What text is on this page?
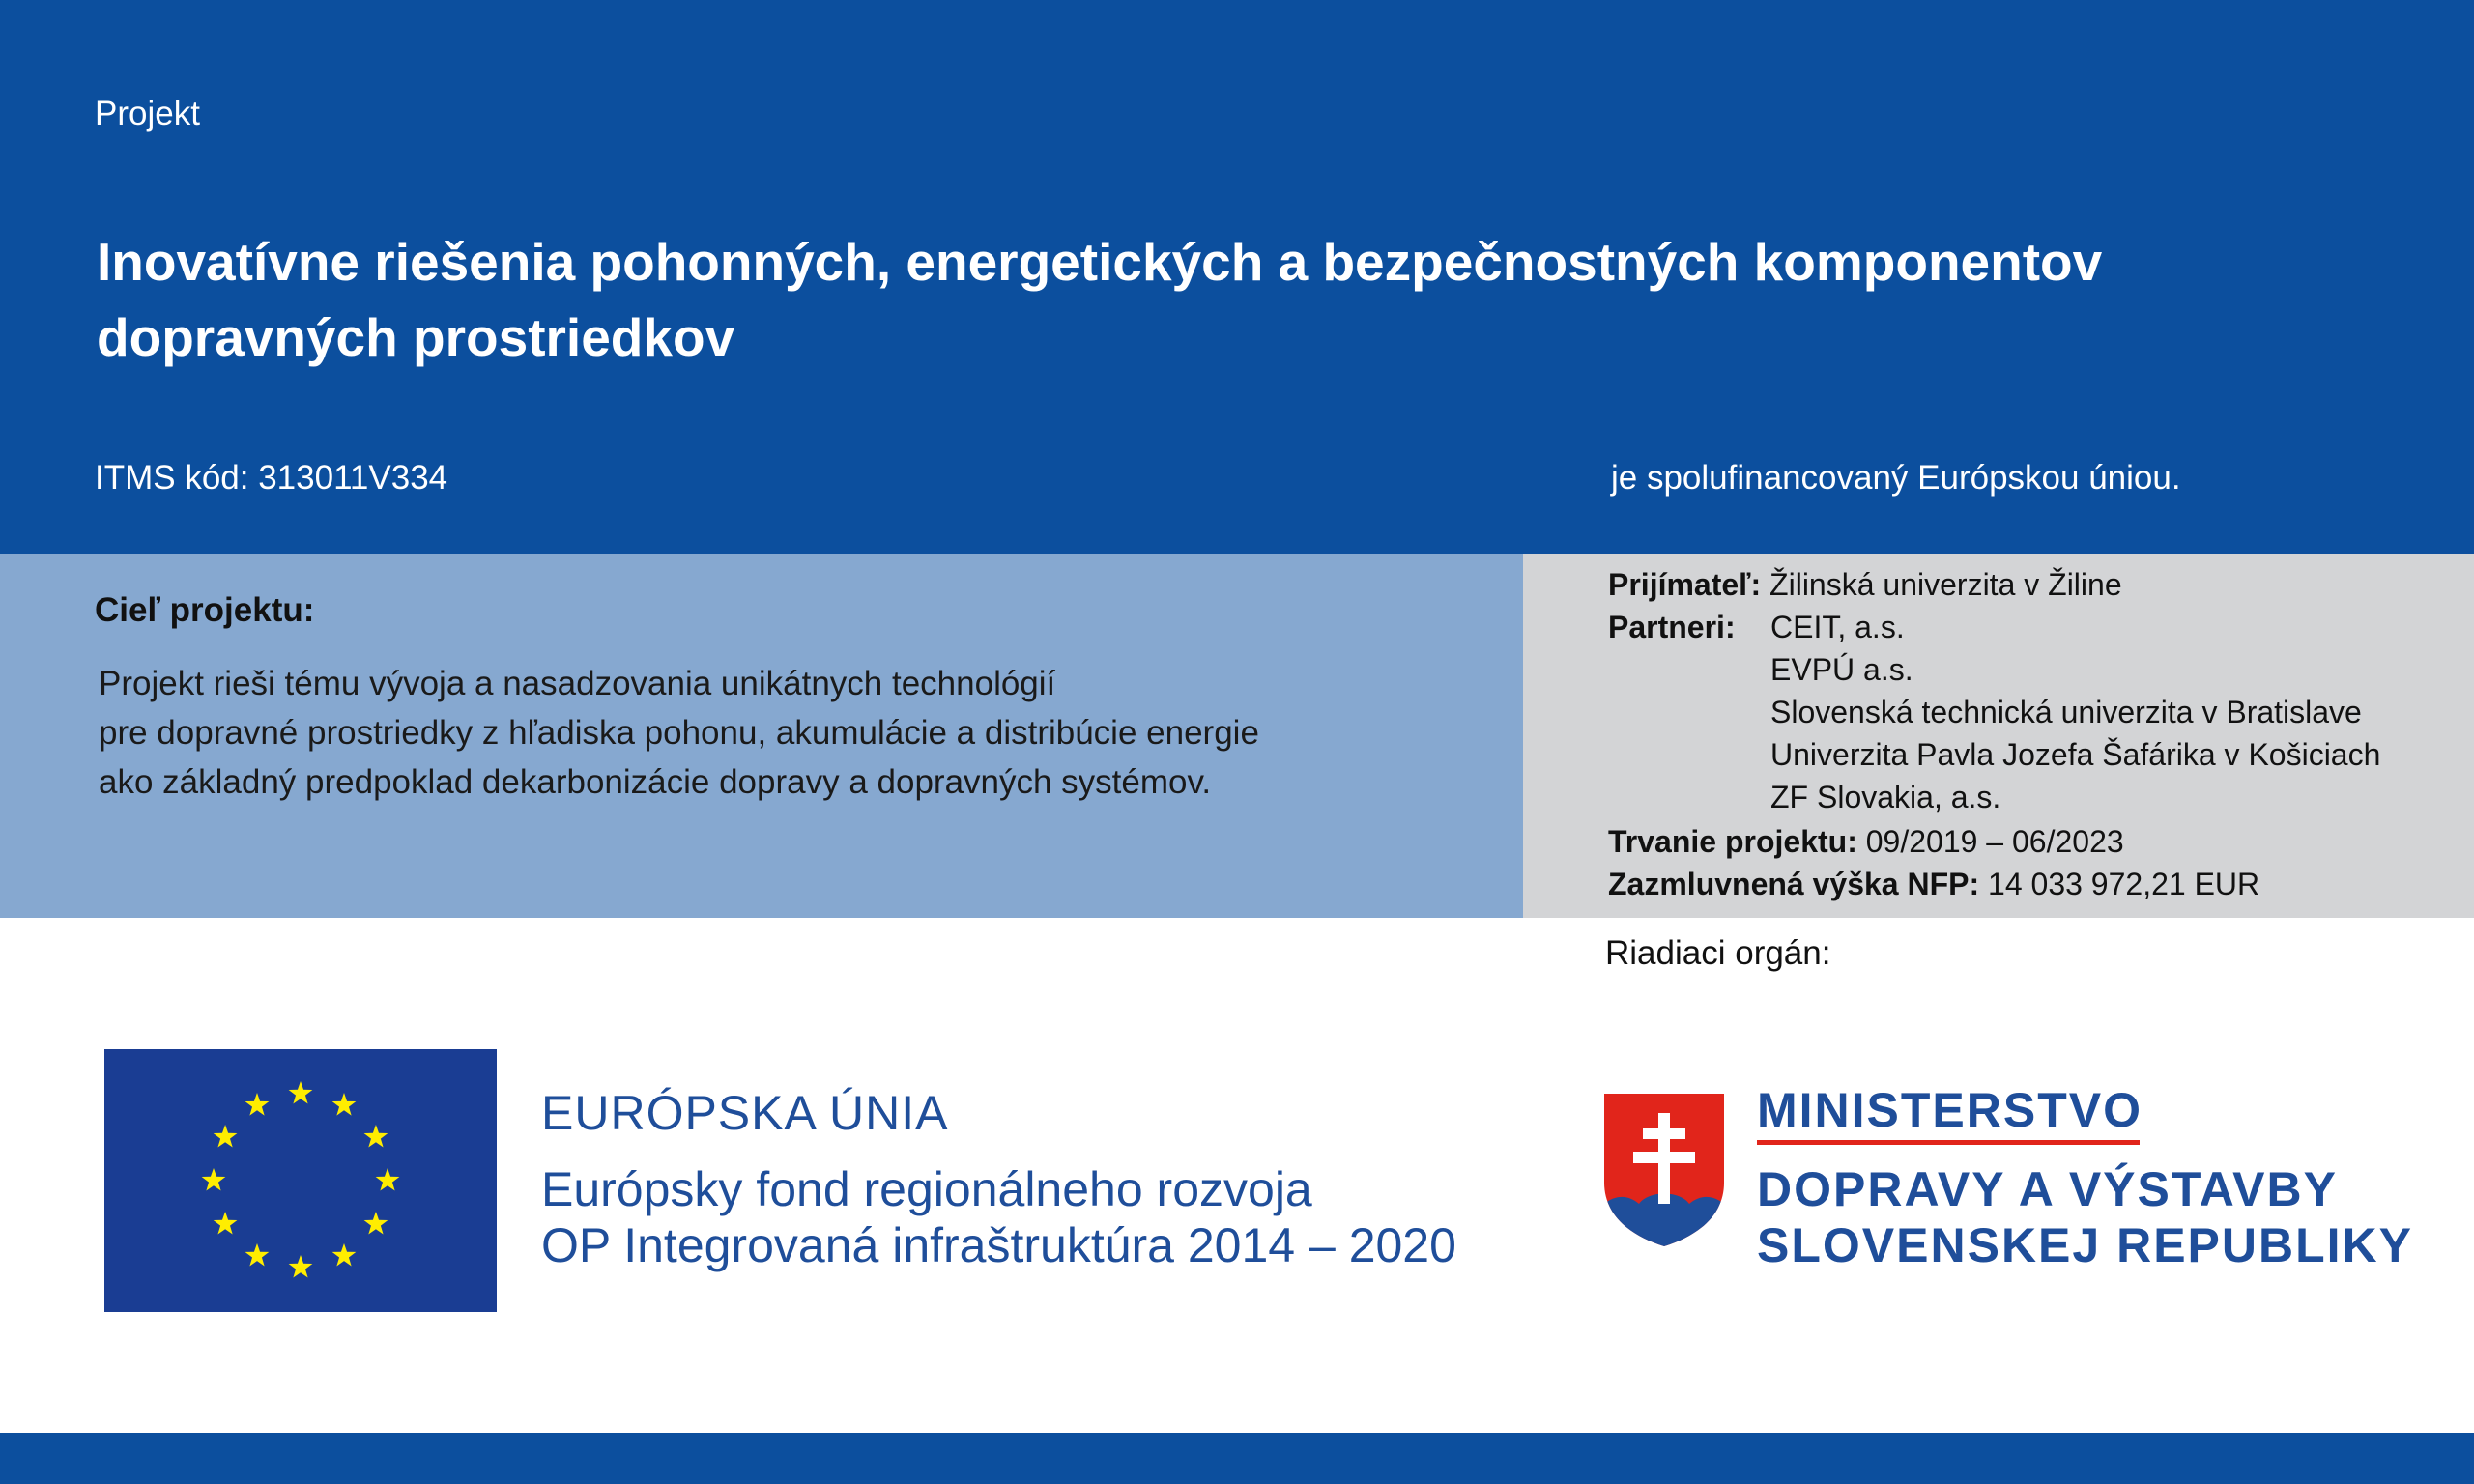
Projekt
Inovatívne riešenia pohonných, energetických a bezpečnostných komponentov
dopravných prostriedkov
ITMS kód: 313011V334	je spolufinancovaný Európskou úniou.
Cieľ projektu:
Projekt rieši tému vývoja a nasadzovania unikátnych technológií
pre dopravné prostriedky z hľadiska pohonu, akumulácie a distribúcie energie
ako základný predpoklad dekarbonizácie dopravy a dopravných systémov.
Prijímateľ: Žilinská univerzita v Žiline
Partneri: CEIT, a.s.
EVPÚ a.s.
Slovenská technická univerzita v Bratislave
Univerzita Pavla Jozefa Šafárika v Košiciach
ZF Slovakia, a.s.
Trvanie projektu: 09/2019 – 06/2023
Zazmluvnená výška NFP: 14 033 972,21 EUR
Riadiaci orgán:
EURÓPSKA ÚNIA
Európsky fond regionálneho rozvoja
OP Integrovaná infraštruktúra 2014 – 2020
MINISTERSTVO
DOPRAVY A VÝSTAVBY
SLOVENSKEJ REPUBLIKY
